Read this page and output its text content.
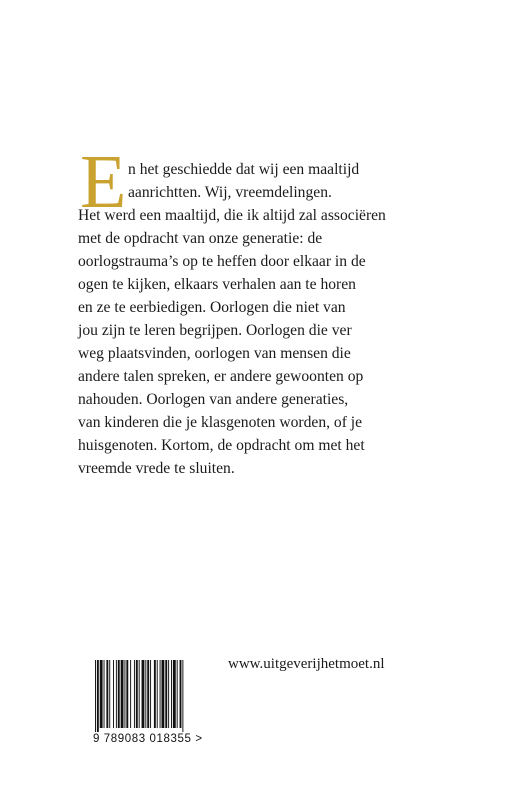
E n het geschiedde dat wij een maaltijd
aanrichtten. Wij, vreemdelingen.
Het werd een maaltijd, die ik altijd zal associëren
met de opdracht van onze generatie: de
oorlogstrauma’s op te heffen door elkaar in de
ogen te kijken, elkaars verhalen aan te horen
en ze te eerbiedigen. Oorlogen die niet van
jou zijn te leren begrijpen. Oorlogen die ver
weg plaatsvinden, oorlogen van mensen die
andere talen spreken, er andere gewoonten op
nahouden. Oorlogen van andere generaties,
van kinderen die je klasgenoten worden, of je
huisgenoten. Kortom, de opdracht om met het
vreemde vrede te sluiten.

9 789083 018355 >
www.uitgeverijhetmoet.nl
